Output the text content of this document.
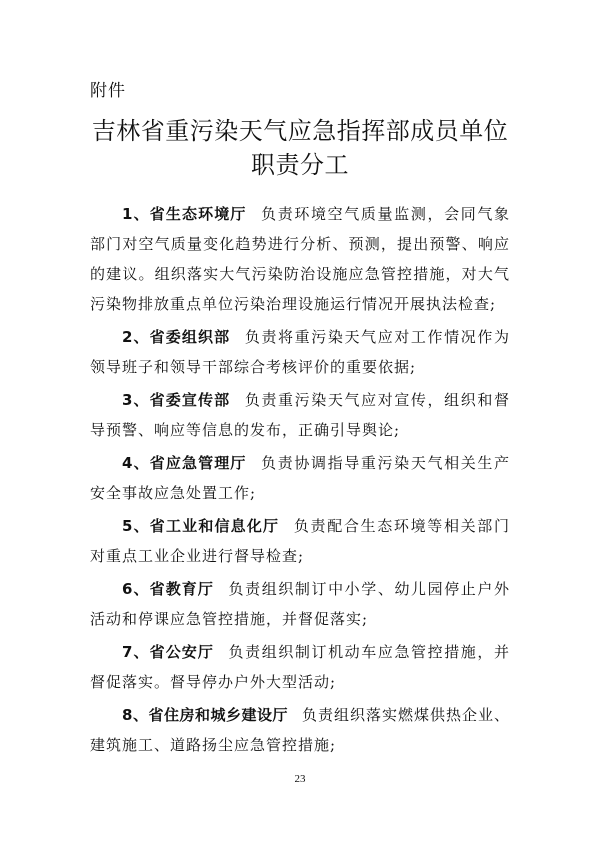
附件
吉林省重污染天气应急指挥部成员单位
职责分工

1、省生态环境厅 负责环境空气质量监测，会同气象部门对空气质量变化趋势进行分析、预测，提出预警、响应的建议。组织落实大气污染防治设施应急管控措施，对大气污染物排放重点单位污染治理设施运行情况开展执法检查;

2、省委组织部 负责将重污染天气应对工作情况作为领导班子和领导干部综合考核评价的重要依据;

3、省委宣传部 负责重污染天气应对宣传，组织和督导预警、响应等信息的发布，正确引导舆论;

4、省应急管理厅 负责协调指导重污染天气相关生产安全事故应急处置工作;

5、省工业和信息化厅 负责配合生态环境等相关部门对重点工业企业进行督导检查;

6、省教育厅 负责组织制订中小学、幼儿园停止户外活动和停课应急管控措施，并督促落实;

7、省公安厅 负责组织制订机动车应急管控措施，并督促落实。督导停办户外大型活动;

8、省住房和城乡建设厅 负责组织落实燃煤供热企业、建筑施工、道路扬尘应急管控措施;

23
